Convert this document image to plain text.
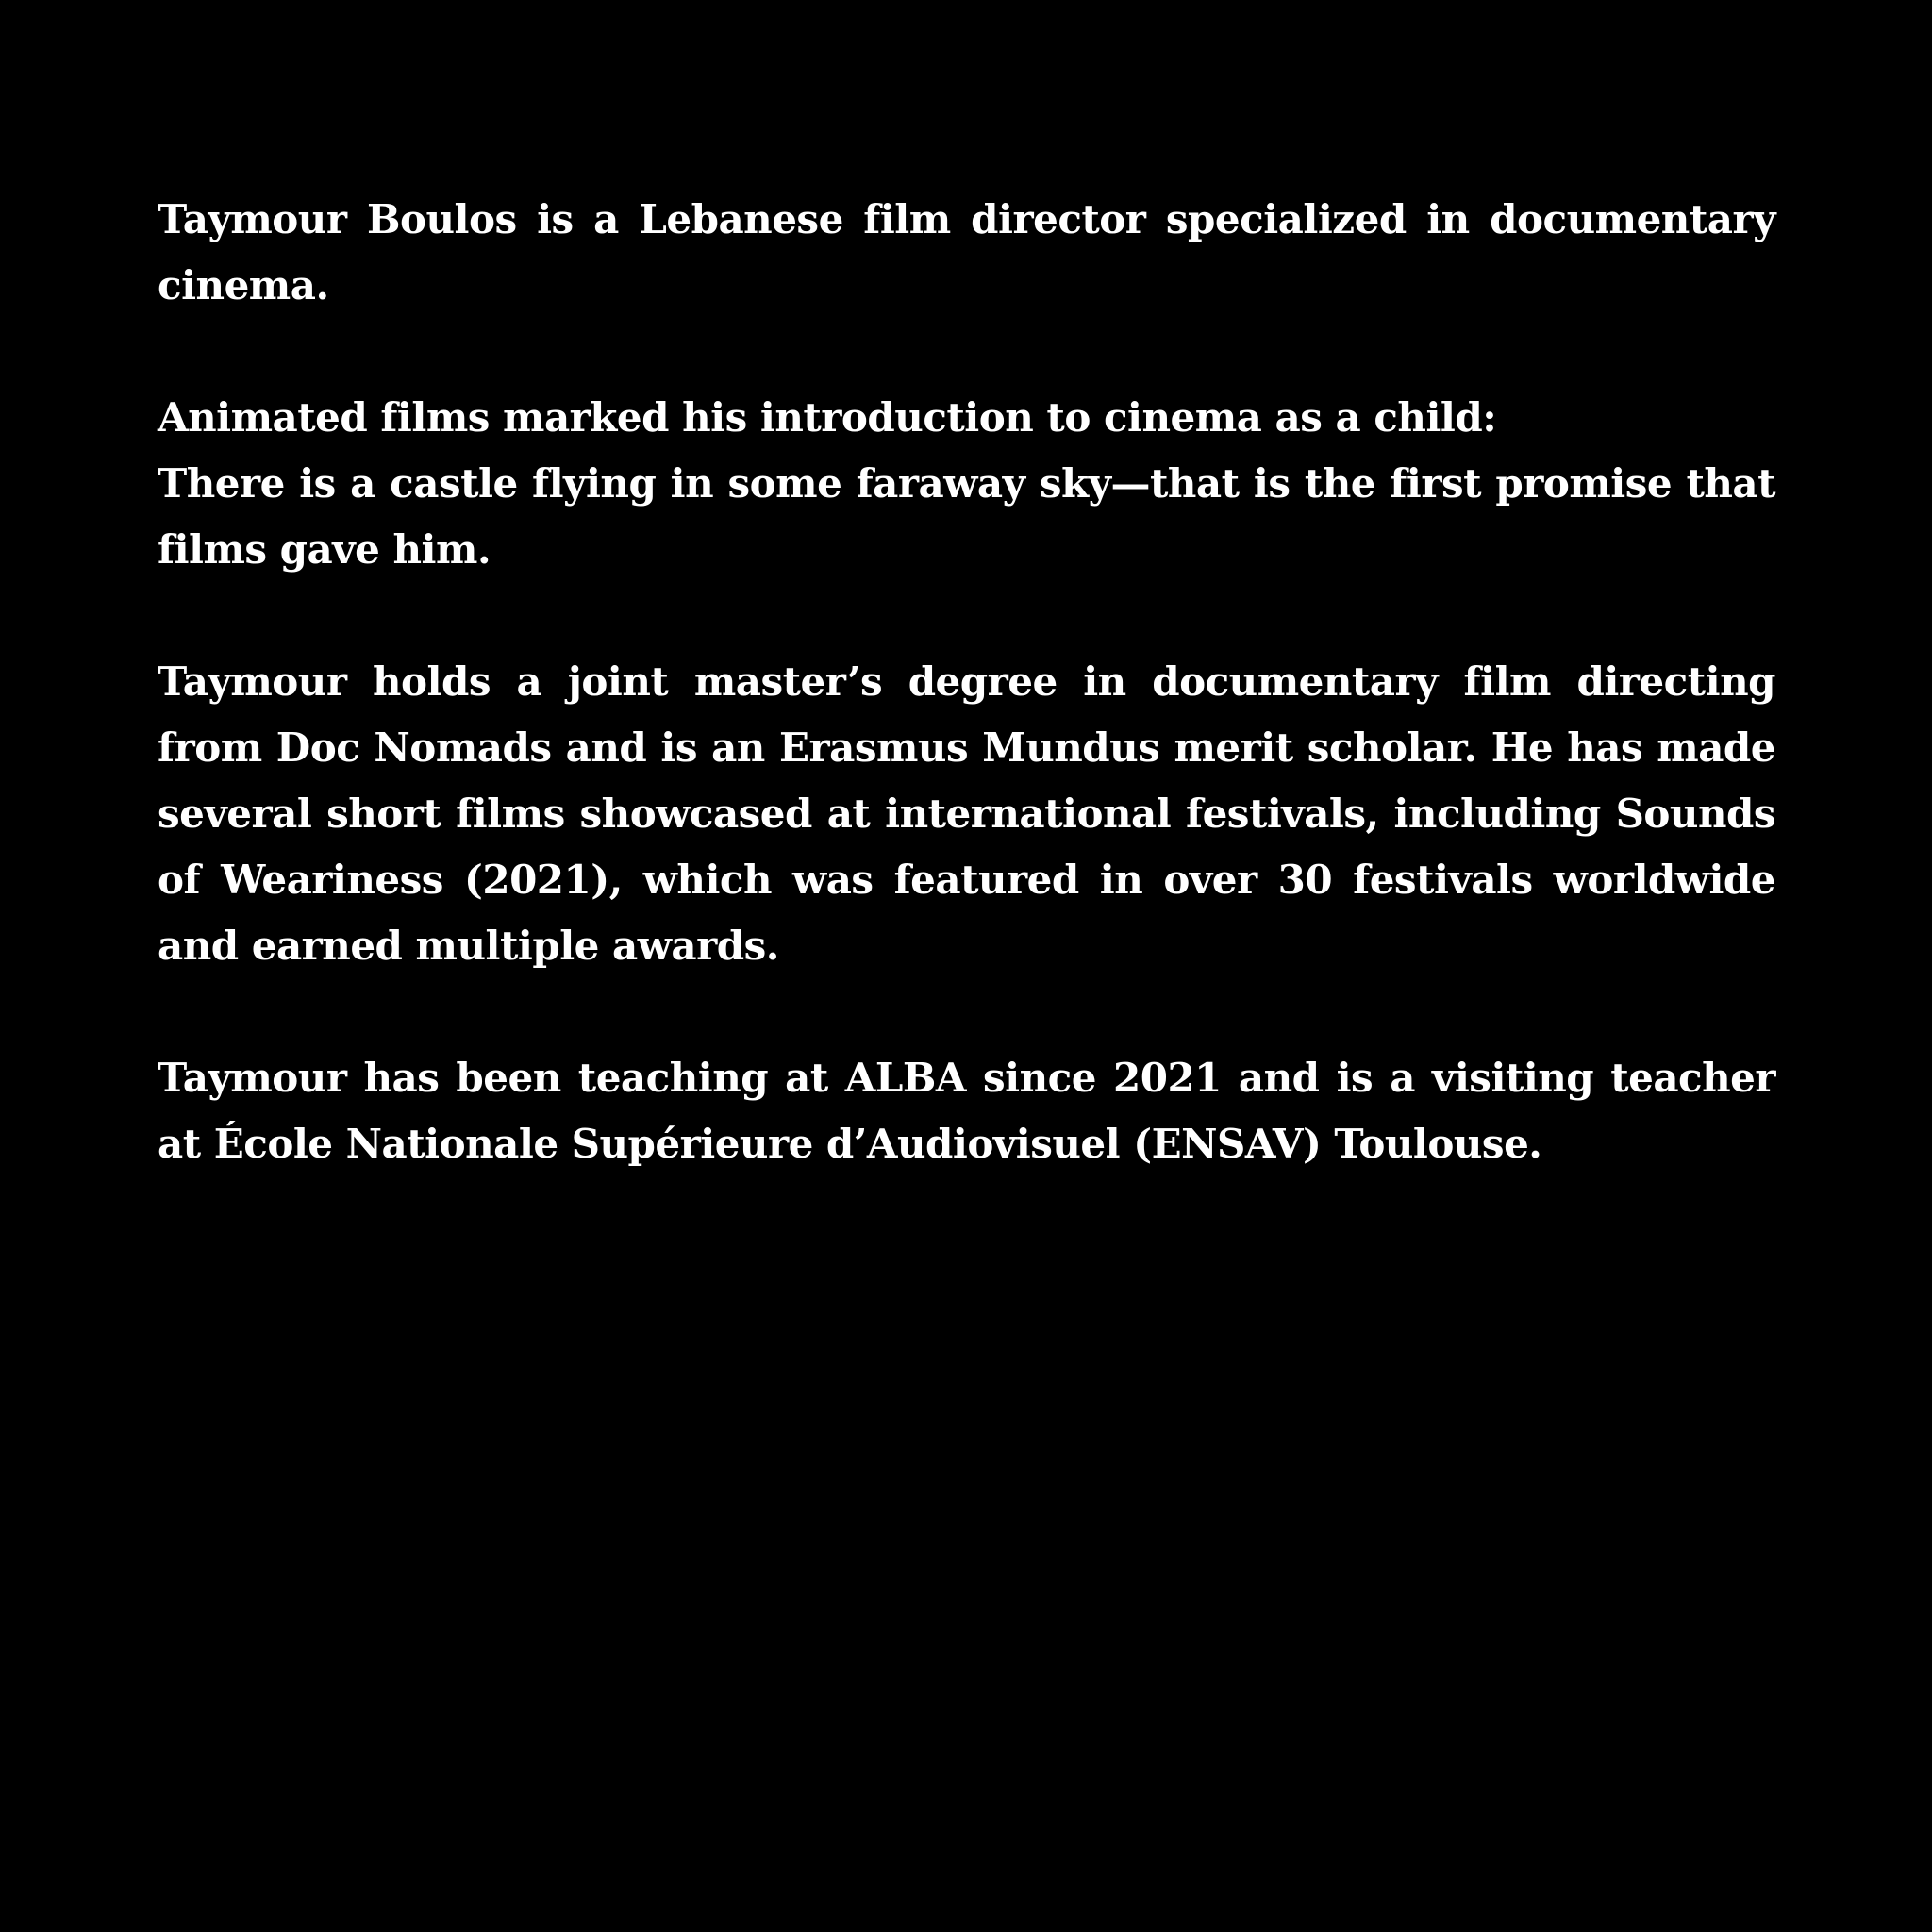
Taymour Boulos is a Lebanese film director specialized in documentary cinema.

Animated films marked his introduction to cinema as a child:

There is a castle flying in some faraway sky—that is the first promise that films gave him.

Taymour holds a joint master’s degree in documentary film directing from Doc Nomads and is an Erasmus Mundus merit scholar. He has made several short films showcased at international festivals, including Sounds of Weariness (2021), which was featured in over 30 festivals worldwide and earned multiple awards.

Taymour has been teaching at ALBA since 2021 and is a visiting teacher at École Nationale Supérieure d’Audiovisuel (ENSAV) Toulouse.
